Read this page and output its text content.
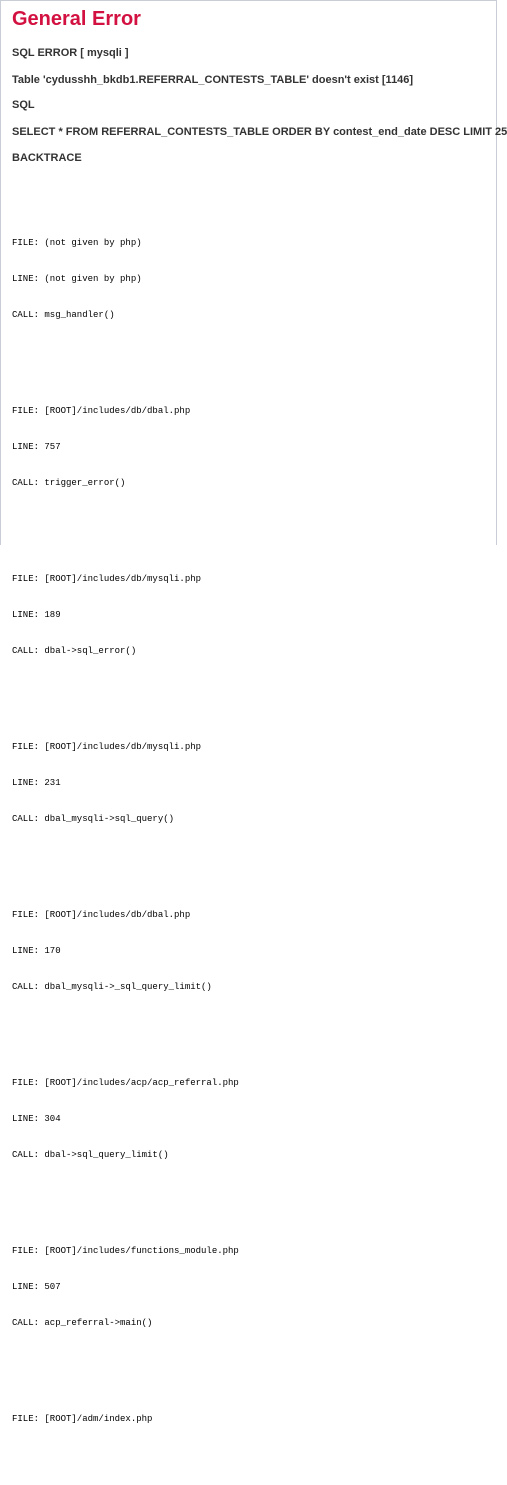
General Error

SQL ERROR [ mysqli ]

Table 'cydusshh_bkdb1.REFERRAL_CONTESTS_TABLE' doesn't exist [1146]

SQL

SELECT * FROM REFERRAL_CONTESTS_TABLE ORDER BY contest_end_date DESC LIMIT 25

BACKTRACE

FILE: (not given by php)

LINE: (not given by php)

CALL: msg_handler()

FILE: [ROOT]/includes/db/dbal.php

LINE: 757

CALL: trigger_error()

FILE: [ROOT]/includes/db/mysqli.php

LINE: 189

CALL: dbal->sql_error()

FILE: [ROOT]/includes/db/mysqli.php

LINE: 231

CALL: dbal_mysqli->sql_query()

FILE: [ROOT]/includes/db/dbal.php

LINE: 170

CALL: dbal_mysqli->_sql_query_limit()

FILE: [ROOT]/includes/acp/acp_referral.php

LINE: 304

CALL: dbal->sql_query_limit()

FILE: [ROOT]/includes/functions_module.php

LINE: 507

CALL: acp_referral->main()

FILE: [ROOT]/adm/index.php
